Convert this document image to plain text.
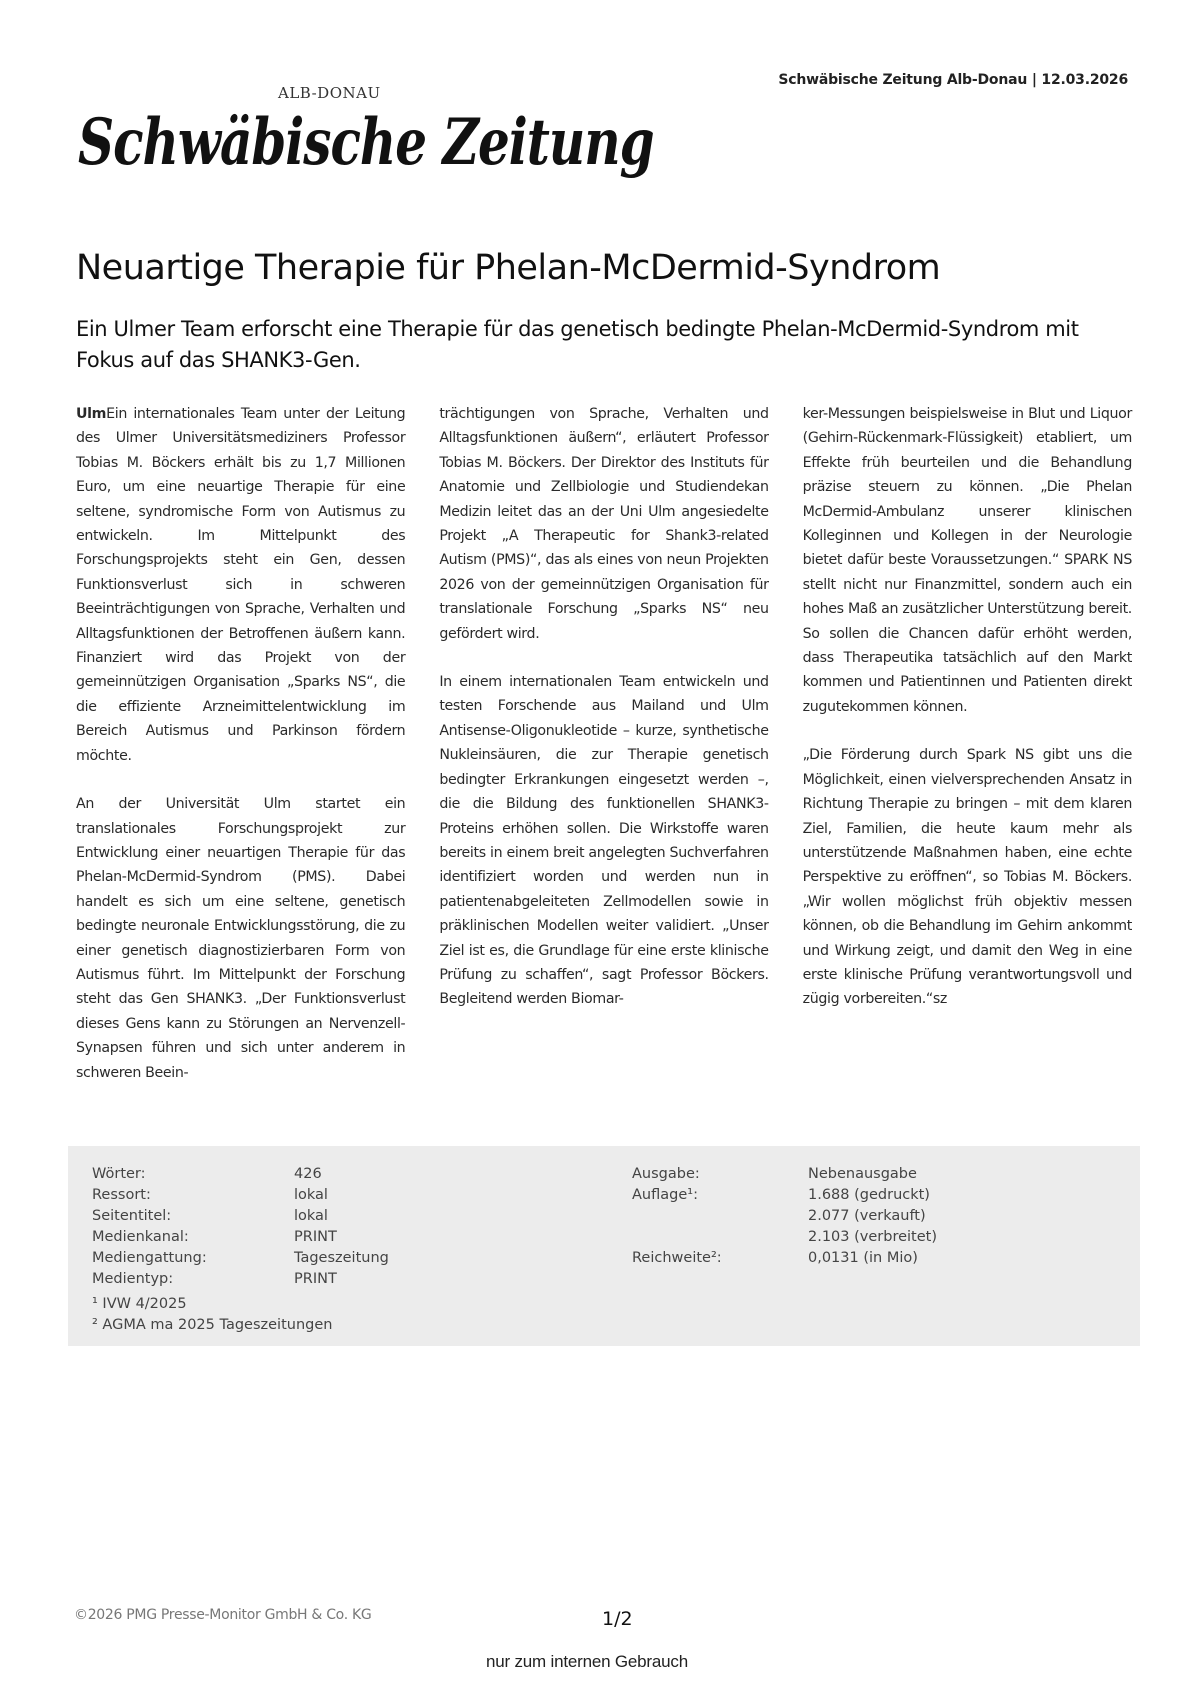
ALB-DONAU
Schwäbische Zeitung
Schwäbische Zeitung Alb-Donau | 12.03.2026
Neuartige Therapie für Phelan-McDermid-Syndrom
Ein Ulmer Team erforscht eine Therapie für das genetisch bedingte Phelan-McDermid-Syndrom mit Fokus auf das SHANK3-Gen.

UlmEin internationales Team unter der Leitung des Ulmer Universitätsmediziners Professor Tobias M. Böckers erhält bis zu 1,7 Millionen Euro, um eine neuartige Therapie für eine seltene, syndromische Form von Autismus zu entwickeln. Im Mittelpunkt des Forschungsprojekts steht ein Gen, dessen Funktionsverlust sich in schweren Beeinträchtigungen von Sprache, Verhalten und Alltagsfunktionen der Betroffenen äußern kann. Finanziert wird das Projekt von der gemeinnützigen Organisation „Sparks NS“, die die effiziente Arzneimittelentwicklung im Bereich Autismus und Parkinson fördern möchte.

An der Universität Ulm startet ein translationales Forschungsprojekt zur Entwicklung einer neuartigen Therapie für das Phelan-McDermid-Syndrom (PMS). Dabei handelt es sich um eine seltene, genetisch bedingte neuronale Entwicklungsstörung, die zu einer genetisch diagnostizierbaren Form von Autismus führt. Im Mittelpunkt der Forschung steht das Gen SHANK3. „Der Funktionsverlust dieses Gens kann zu Störungen an Nervenzell-Synapsen führen und sich unter anderem in schweren Beein-

trächtigungen von Sprache, Verhalten und Alltagsfunktionen äußern“, erläutert Professor Tobias M. Böckers. Der Direktor des Instituts für Anatomie und Zellbiologie und Studiendekan Medizin leitet das an der Uni Ulm angesiedelte Projekt „A Therapeutic for Shank3-related Autism (PMS)“, das als eines von neun Projekten 2026 von der gemeinnützigen Organisation für translationale Forschung „Sparks NS“ neu gefördert wird.

In einem internationalen Team entwickeln und testen Forschende aus Mailand und Ulm Antisense-Oligonukleotide – kurze, synthetische Nukleinsäuren, die zur Therapie genetisch bedingter Erkrankungen eingesetzt werden –, die die Bildung des funktionellen SHANK3-Proteins erhöhen sollen. Die Wirkstoffe waren bereits in einem breit angelegten Suchverfahren identifiziert worden und werden nun in patientenabgeleiteten Zellmodellen sowie in präklinischen Modellen weiter validiert. „Unser Ziel ist es, die Grundlage für eine erste klinische Prüfung zu schaffen“, sagt Professor Böckers. Begleitend werden Biomar-

ker-Messungen beispielsweise in Blut und Liquor (Gehirn-Rückenmark-Flüssigkeit) etabliert, um Effekte früh beurteilen und die Behandlung präzise steuern zu können. „Die Phelan McDermid-Ambulanz unserer klinischen Kolleginnen und Kollegen in der Neurologie bietet dafür beste Voraussetzungen.“ SPARK NS stellt nicht nur Finanzmittel, sondern auch ein hohes Maß an zusätzlicher Unterstützung bereit. So sollen die Chancen dafür erhöht werden, dass Therapeutika tatsächlich auf den Markt kommen und Patientinnen und Patienten direkt zugutekommen können.

„Die Förderung durch Spark NS gibt uns die Möglichkeit, einen vielversprechenden Ansatz in Richtung Therapie zu bringen – mit dem klaren Ziel, Familien, die heute kaum mehr als unterstützende Maßnahmen haben, eine echte Perspektive zu eröffnen“, so Tobias M. Böckers. „Wir wollen möglichst früh objektiv messen können, ob die Behandlung im Gehirn ankommt und Wirkung zeigt, und damit den Weg in eine erste klinische Prüfung verantwortungsvoll und zügig vorbereiten.“sz

Wörter:	426
Ressort:	lokal
Seitentitel:	lokal
Medienkanal:	PRINT
Mediengattung:	Tageszeitung
Medientyp:	PRINT
Ausgabe:	Nebenausgabe
Auflage¹:	1.688 (gedruckt)
2.077 (verkauft)
2.103 (verbreitet)
Reichweite²:	0,0131 (in Mio)
¹ IVW 4/2025
² AGMA ma 2025 Tageszeitungen
©2026 PMG Presse-Monitor GmbH & Co. KG	1/2
nur zum internen Gebrauch
